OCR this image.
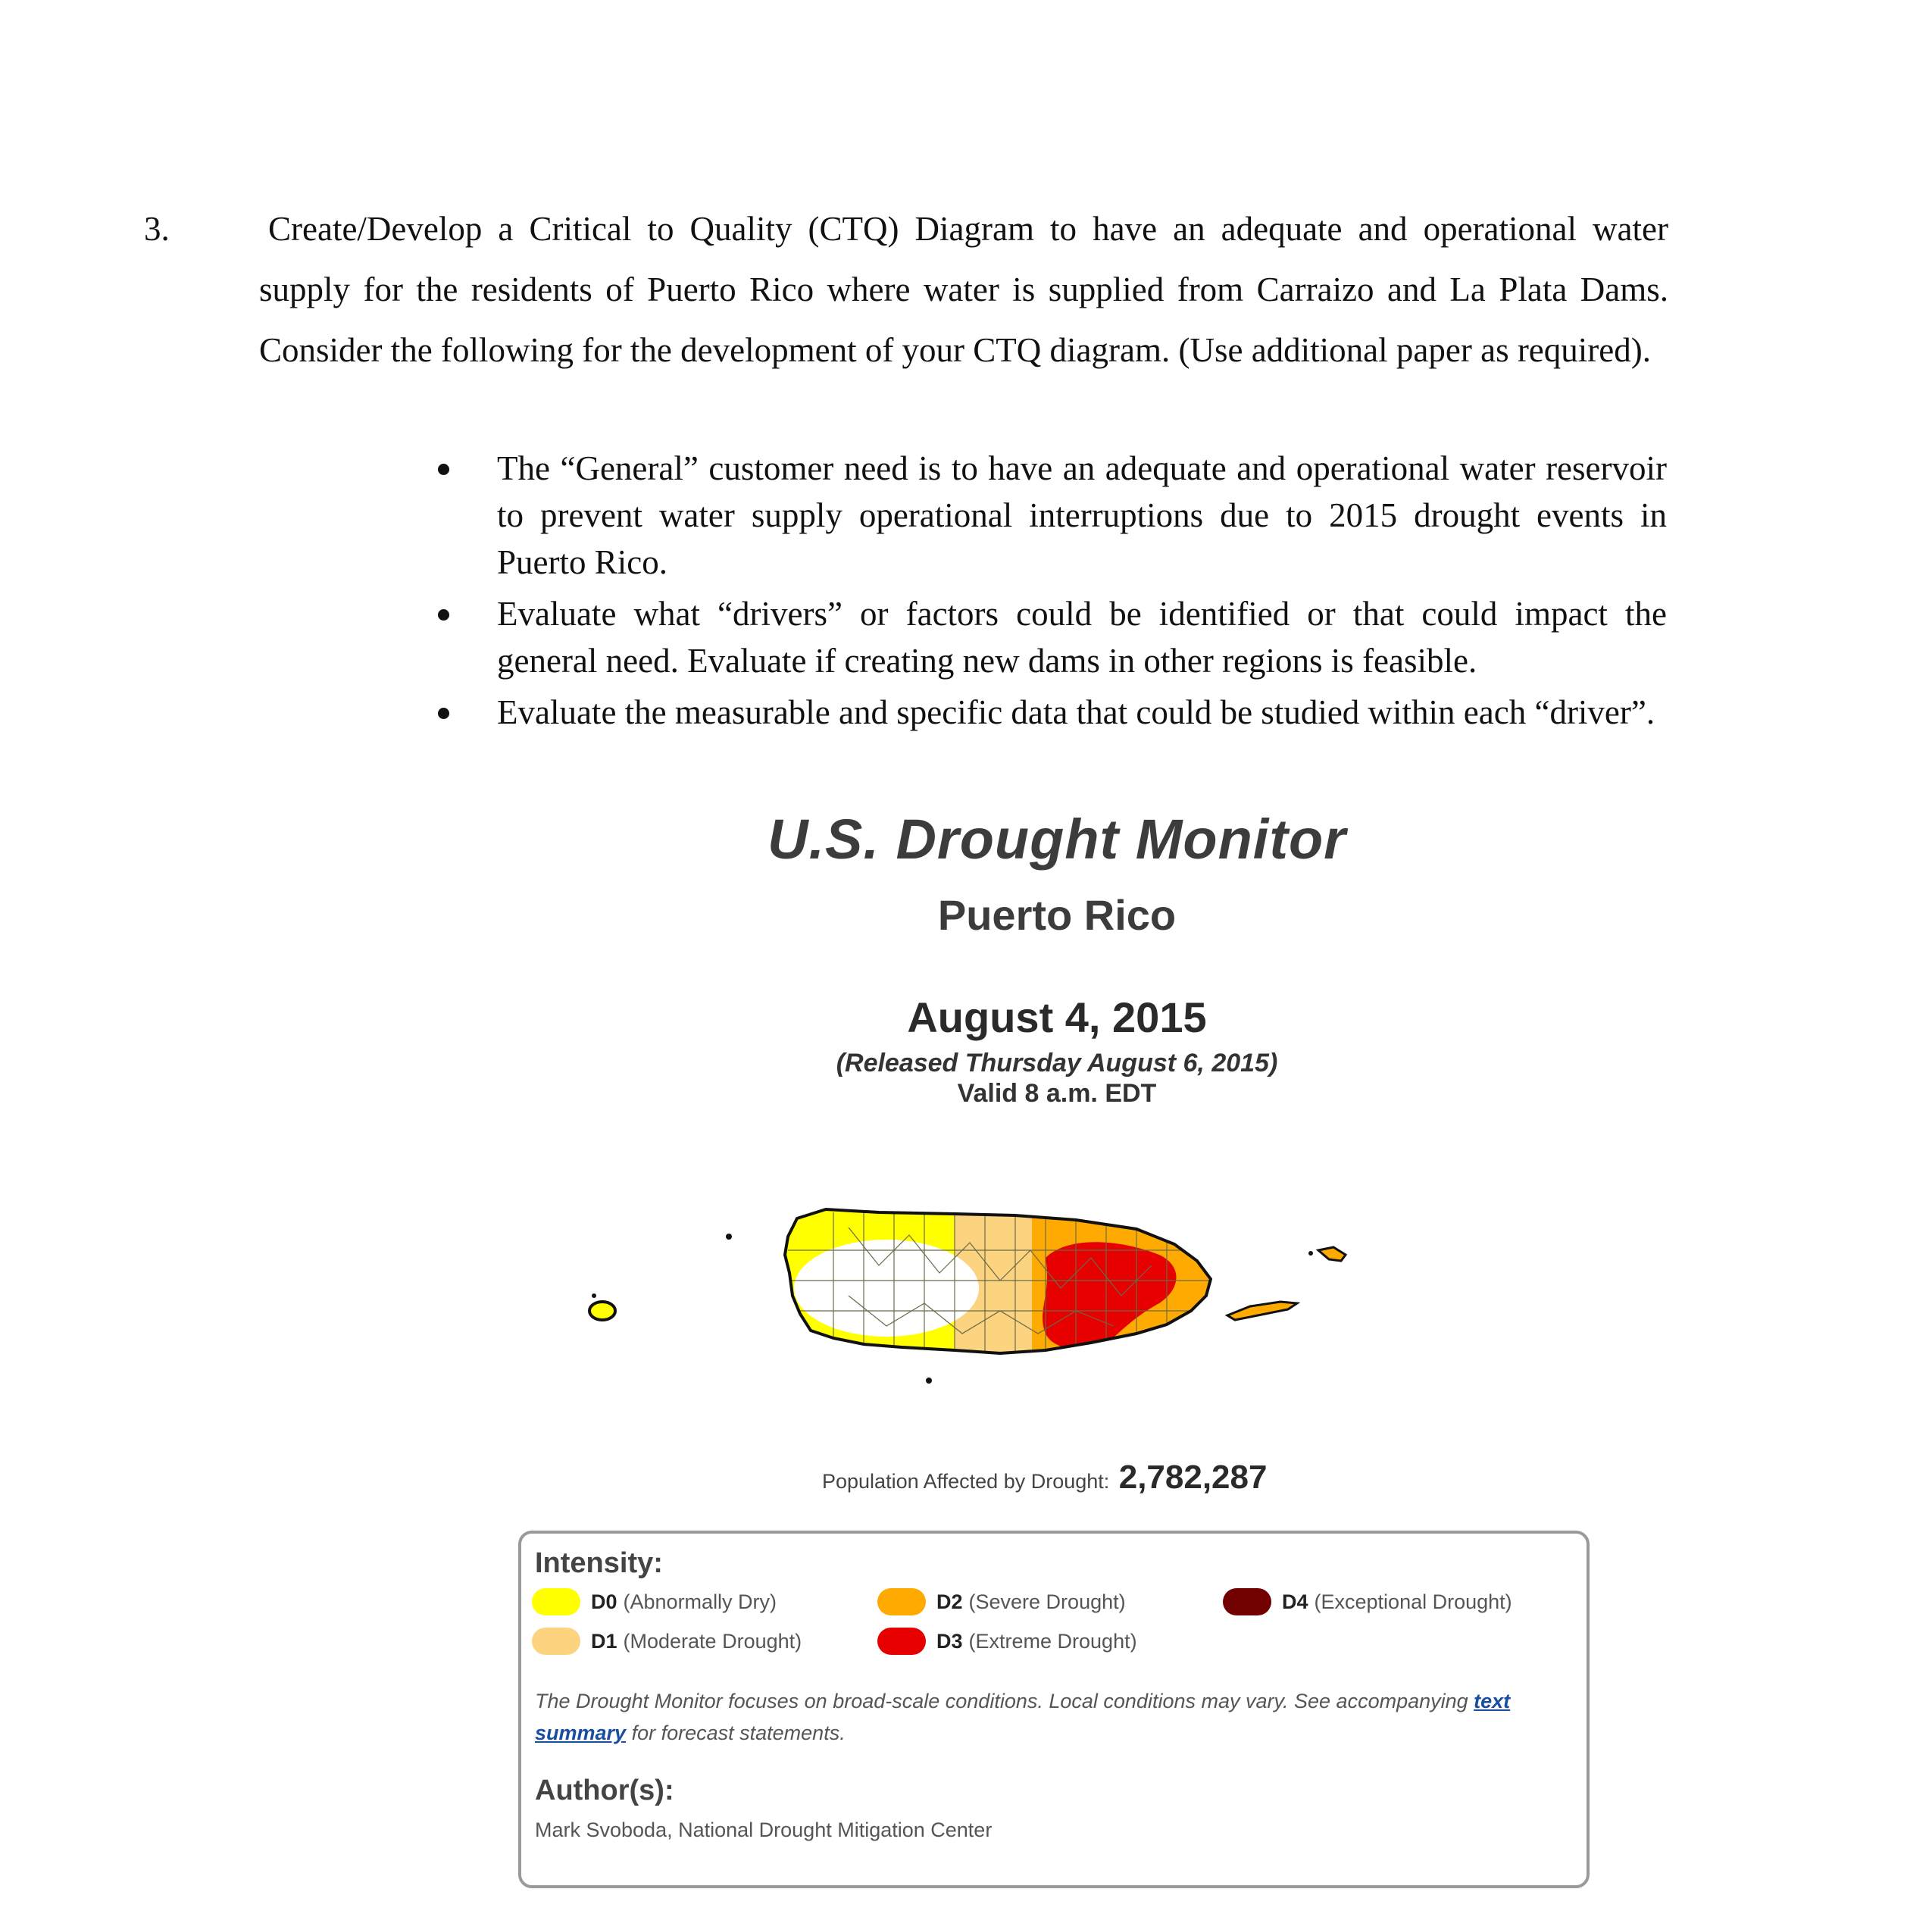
3.	Create/Develop a Critical to Quality (CTQ) Diagram to have an adequate and operational water supply for the residents of Puerto Rico where water is supplied from Carraizo and La Plata Dams. Consider the following for the development of your CTQ diagram. (Use additional paper as required).
The “General” customer need is to have an adequate and operational water reservoir to prevent water supply operational interruptions due to 2015 drought events in Puerto Rico.
Evaluate what “drivers” or factors could be identified or that could impact the general need. Evaluate if creating new dams in other regions is feasible.
Evaluate the measurable and specific data that could be studied within each “driver”.
U.S. Drought Monitor
Puerto Rico
August 4, 2015
(Released Thursday August 6, 2015)
Valid 8 a.m. EDT
Population Affected by Drought: 2,782,287
Intensity:
D0 (Abnormally Dry)
D1 (Moderate Drought)
D2 (Severe Drought)
D3 (Extreme Drought)
D4 (Exceptional Drought)
The Drought Monitor focuses on broad-scale conditions. Local conditions may vary. See accompanying text summary for forecast statements.
Author(s):
Mark Svoboda, National Drought Mitigation Center
